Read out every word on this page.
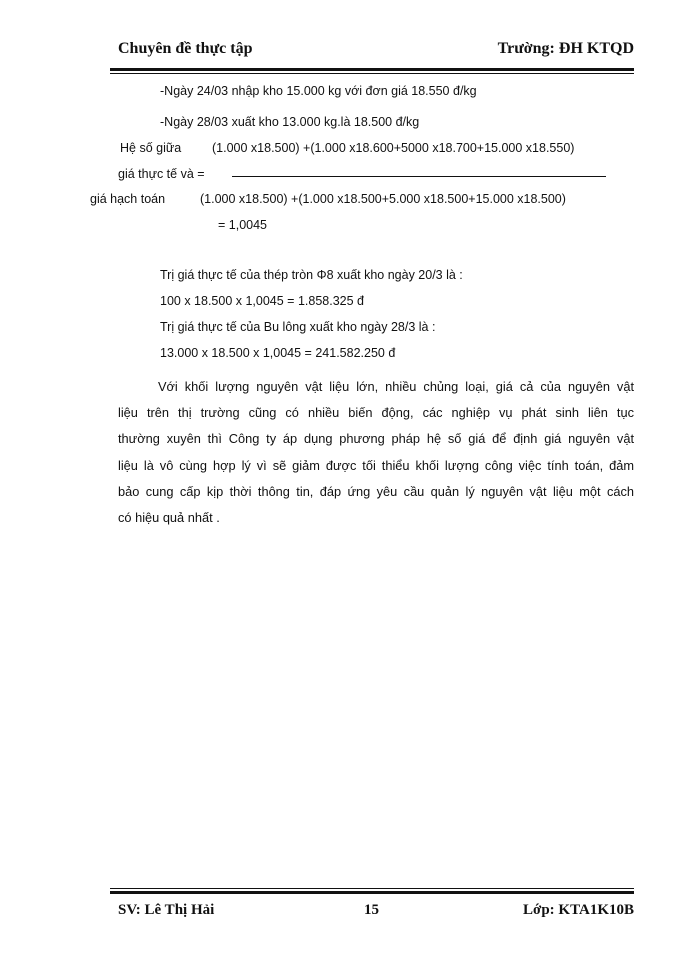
Chuyên đề thực tập	Trường: ĐH KTQD
-Ngày 24/03 nhập kho 15.000 kg với đơn giá 18.550 đ/kg
-Ngày 28/03 xuất kho 13.000 kg.là 18.500 đ/kg
Hệ số giữa (1.000 x18.500) +(1.000 x18.600+5000 x18.700+15.000 x18.550)
giá thực tế và =
giá hạch toán	(1.000 x18.500) +(1.000 x18.500+5.000 x18.500+15.000 x18.500)
= 1,0045
Trị giá thực tế của thép tròn Φ8 xuất kho ngày 20/3 là :
100 x 18.500 x 1,0045 = 1.858.325 đ
Trị giá thực tế của Bu lông xuất kho ngày 28/3 là :
13.000 x 18.500 x 1,0045 = 241.582.250 đ
Với khối lượng nguyên vật liệu lớn, nhiều chủng loại, giá cả của nguyên vật
liệu trên thị trường cũng có nhiều biến động, các nghiệp vụ phát sinh liên tục
thường xuyên thì Công ty áp dụng phương pháp hệ số giá để định giá nguyên vật
liệu là vô cùng hợp lý vì sẽ giảm được tối thiểu khối lượng công việc tính toán, đảm
bảo cung cấp kịp thời thông tin, đáp ứng yêu cầu quản lý nguyên vật liệu một cách
có hiệu quả nhất .
SV: Lê Thị Hải	15	Lớp: KTA1K10B
